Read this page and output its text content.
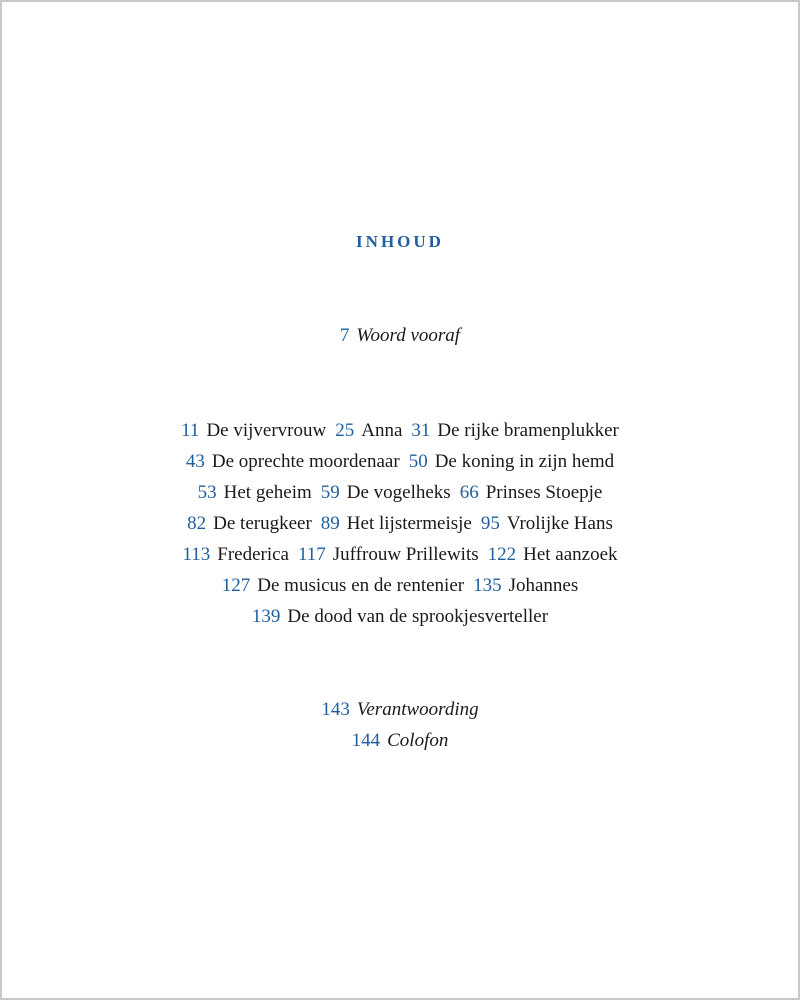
INHOUD
7 Woord vooraf
11 De vijvervrouw 25 Anna 31 De rijke bramenplukker
43 De oprechte moordenaar 50 De koning in zijn hemd
53 Het geheim 59 De vogelheks 66 Prinses Stoepje
82 De terugkeer 89 Het lijstermeisje 95 Vrolijke Hans
113 Frederica 117 Juffrouw Prillewits 122 Het aanzoek
127 De musicus en de rentenier 135 Johannes
139 De dood van de sprookjesverteller
143 Verantwoording
144 Colofon
